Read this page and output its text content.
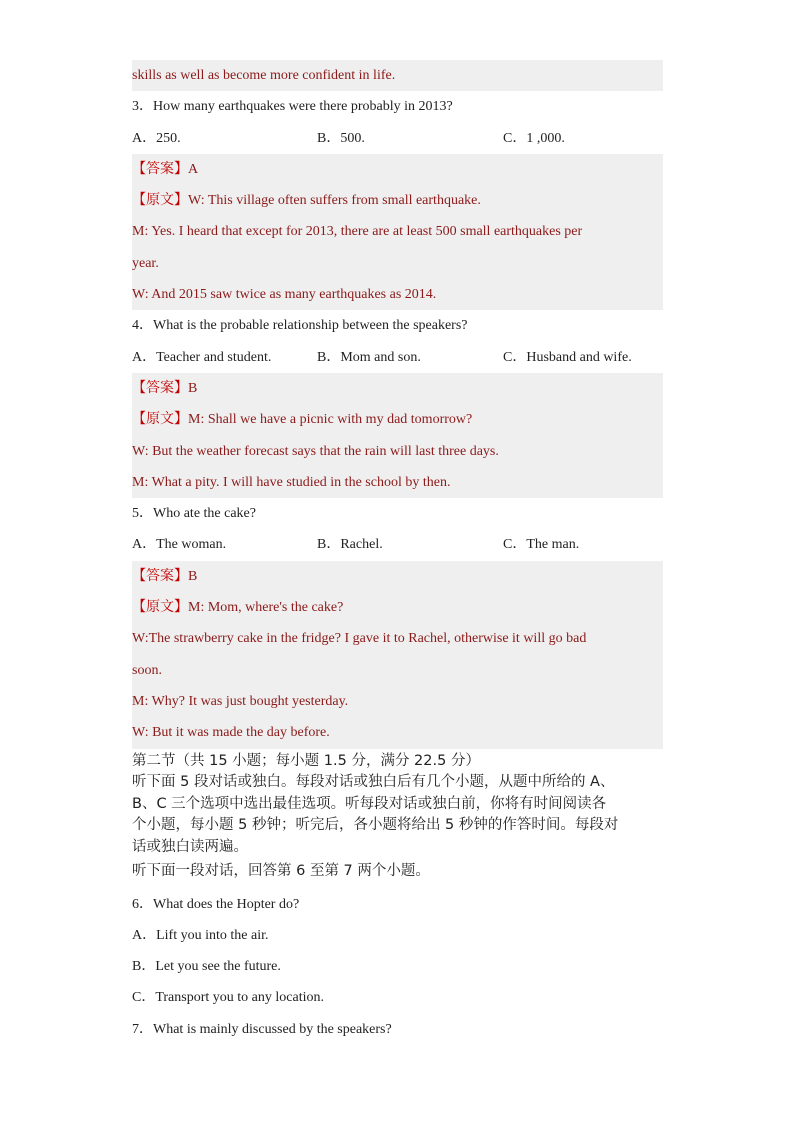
skills as well as become more confident in life.
3．How many earthquakes were there probably in 2013?
A．250.	B．500.	C．1 ,000.
【答案】A
【原文】W: This village often suffers from small earthquake.
M: Yes. I heard that except for 2013, there are at least 500 small earthquakes per
year.
W: And 2015 saw twice as many earthquakes as 2014.
4．What is the probable relationship between the speakers?
A．Teacher and student.	B．Mom and son.	C．Husband and wife.
【答案】B
【原文】M: Shall we have a picnic with my dad tomorrow?
W: But the weather forecast says that the rain will last three days.
M: What a pity. I will have studied in the school by then.
5．Who ate the cake?
A．The woman.	B．Rachel.	C．The man.
【答案】B
【原文】M: Mom, where's the cake?
W:The strawberry cake in the fridge? I gave it to Rachel, otherwise it will go bad
soon.
M: Why? It was just bought yesterday.
W: But it was made the day before.
第二节（共 15 小题；每小题 1.5 分，满分 22.5 分）
听下面 5 段对话或独白。每段对话或独白后有几个小题，从题中所给的 A、
B、C 三个选项中选出最佳选项。听每段对话或独白前，你将有时间阅读各
个小题，每小题 5 秒钟；听完后，各小题将给出 5 秒钟的作答时间。每段对
话或独白读两遍。
听下面一段对话，回答第 6 至第 7 两个小题。
6．What does the Hopter do?
A．Lift you into the air.
B．Let you see the future.
C．Transport you to any location.
7．What is mainly discussed by the speakers?
